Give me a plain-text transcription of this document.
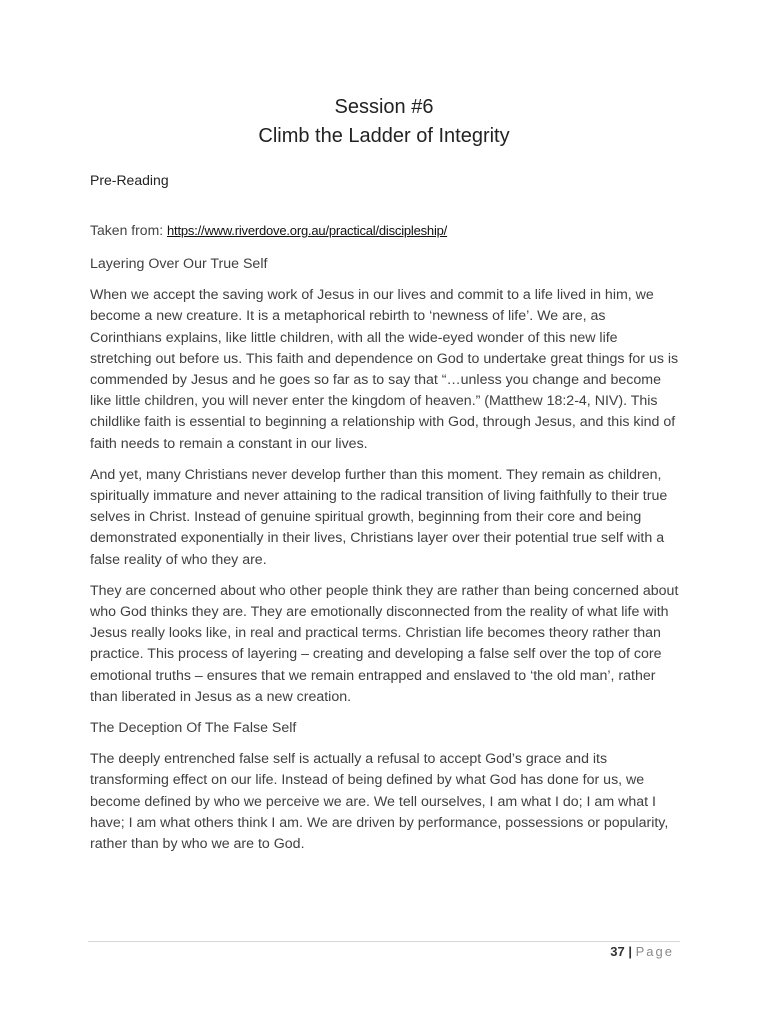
Session #6
Climb the Ladder of Integrity
Pre-Reading
Taken from: https://www.riverdove.org.au/practical/discipleship/
Layering Over Our True Self

When we accept the saving work of Jesus in our lives and commit to a life lived in him, we become a new creature. It is a metaphorical rebirth to ‘newness of life’. We are, as Corinthians explains, like little children, with all the wide-eyed wonder of this new life stretching out before us. This faith and dependence on God to undertake great things for us is commended by Jesus and he goes so far as to say that “…unless you change and become like little children, you will never enter the kingdom of heaven.” (Matthew 18:2-4, NIV). This childlike faith is essential to beginning a relationship with God, through Jesus, and this kind of faith needs to remain a constant in our lives.

And yet, many Christians never develop further than this moment. They remain as children, spiritually immature and never attaining to the radical transition of living faithfully to their true selves in Christ. Instead of genuine spiritual growth, beginning from their core and being demonstrated exponentially in their lives, Christians layer over their potential true self with a false reality of who they are.

They are concerned about who other people think they are rather than being concerned about who God thinks they are. They are emotionally disconnected from the reality of what life with Jesus really looks like, in real and practical terms. Christian life becomes theory rather than practice. This process of layering – creating and developing a false self over the top of core emotional truths – ensures that we remain entrapped and enslaved to ‘the old man’, rather than liberated in Jesus as a new creation.

The Deception Of The False Self

The deeply entrenched false self is actually a refusal to accept God’s grace and its transforming effect on our life. Instead of being defined by what God has done for us, we become defined by who we perceive we are. We tell ourselves, I am what I do; I am what I have; I am what others think I am. We are driven by performance, possessions or popularity, rather than by who we are to God.

37 | Page
